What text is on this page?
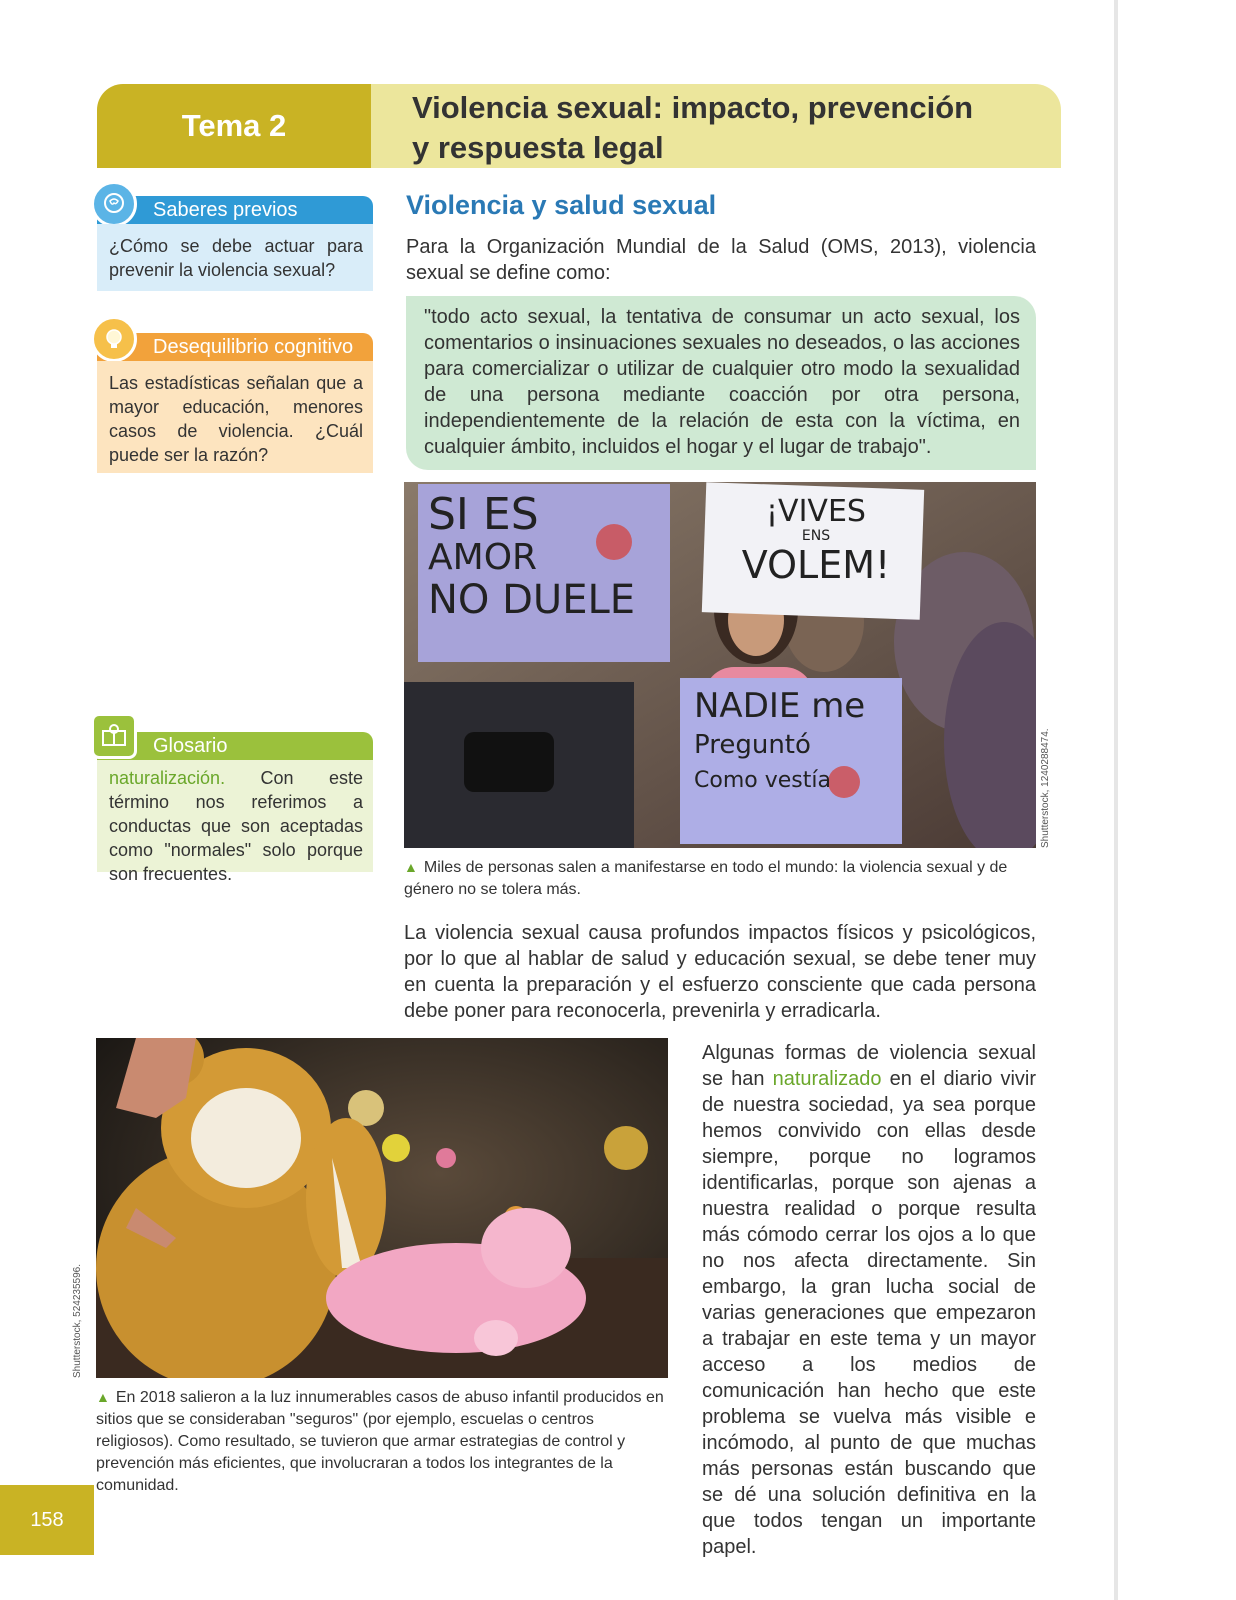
Tema 2
Violencia sexual: impacto, prevención
y respuesta legal
Saberes previos
¿Cómo se debe actuar para prevenir la violencia sexual?
Desequilibrio cognitivo
Las estadísticas señalan que a mayor educación, menores casos de violencia. ¿Cuál puede ser la razón?
Glosario
naturalización. Con este término nos referimos a conductas que son aceptadas como "normales" solo porque son frecuentes.
Violencia y salud sexual
Para la Organización Mundial de la Salud (OMS, 2013), violencia sexual se define como:
"todo acto sexual, la tentativa de consumar un acto sexual, los comentarios o insinuaciones sexuales no deseados, o las acciones para comercializar o utilizar de cualquier otro modo la sexualidad de una persona mediante coacción por otra persona, independientemente de la relación de esta con la víctima, en cualquier ámbito, incluidos el hogar y el lugar de trabajo".
SI ES
AMOR
NO DUELE
¡VIVES
ENS
VOLEM!
NADIE me
Preguntó
Como vestía	Shutterstock, 1240288474.
▲ Miles de personas salen a manifestarse en todo el mundo: la violencia sexual y de género no se tolera más.
La violencia sexual causa profundos impactos físicos y psicológicos, por lo que al hablar de salud y educación sexual, se debe tener muy en cuenta la preparación y el esfuerzo consciente que cada persona debe poner para reconocerla, prevenirla y erradicarla.
Shutterstock, 524235596.
▲ En 2018 salieron a la luz innumerables casos de abuso infantil producidos en sitios que se consideraban "seguros" (por ejemplo, escuelas o centros religiosos). Como resultado, se tuvieron que armar estrategias de control y prevención más eficientes, que involucraran a todos los integrantes de la comunidad.
Algunas formas de violencia sexual se han naturalizado en el diario vivir de nuestra sociedad, ya sea porque hemos convivido con ellas desde siempre, porque no logramos identificarlas, porque son ajenas a nuestra realidad o porque resulta más cómodo cerrar los ojos a lo que no nos afecta directamente. Sin embargo, la gran lucha social de varias generaciones que empezaron a trabajar en este tema y un mayor acceso a los medios de comunicación han hecho que este problema se vuelva más visible e incómodo, al punto de que muchas más personas están buscando que se dé una solución definitiva en la que todos tengan un importante papel.
158
